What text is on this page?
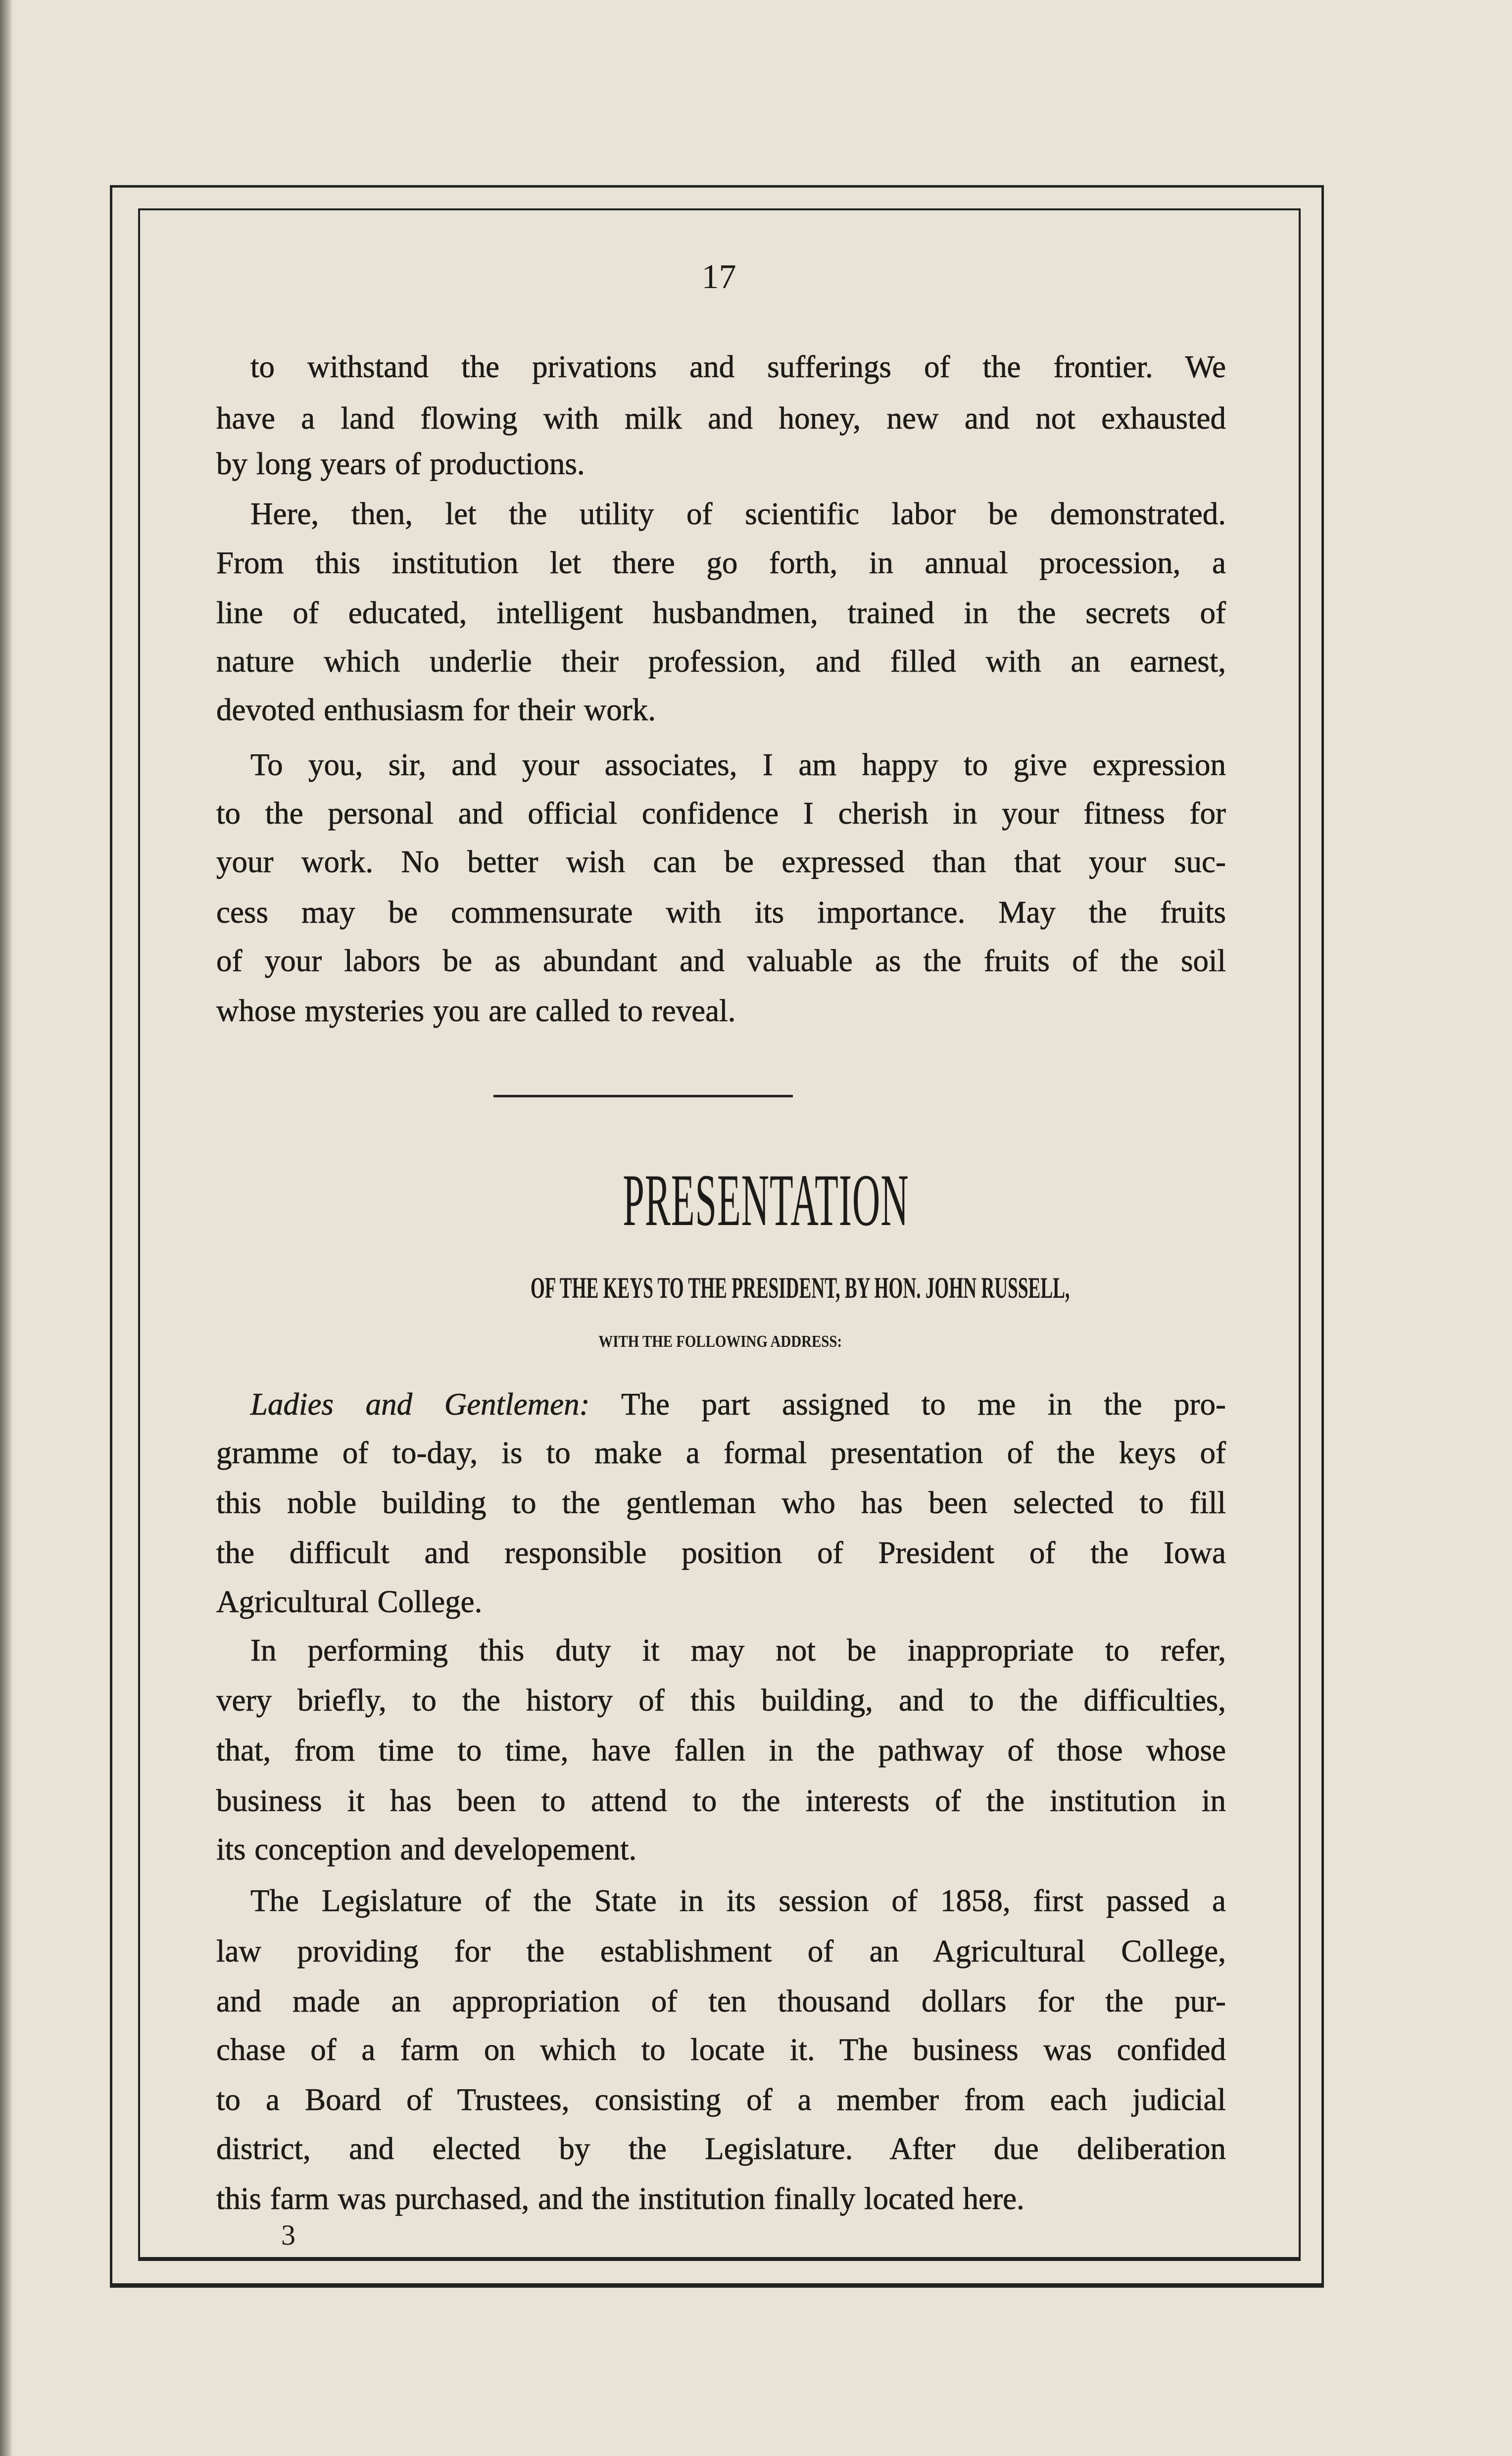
17
to withstand the privations and sufferings of the frontier. We
have a land flowing with milk and honey, new and not exhausted
by long years of productions.
Here, then, let the utility of scientific labor be demonstrated.
From this institution let there go forth, in annual procession, a
line of educated, intelligent husbandmen, trained in the secrets of
nature which underlie their profession, and filled with an earnest,
devoted enthusiasm for their work.
To you, sir, and your associates, I am happy to give expression
to the personal and official confidence I cherish in your fitness for
your work. No better wish can be expressed than that your suc-
cess may be commensurate with its importance. May the fruits
of your labors be as abundant and valuable as the fruits of the soil
whose mysteries you are called to reveal.
PRESENTATION
OF THE KEYS TO THE PRESIDENT, BY HON. JOHN RUSSELL,
WITH THE FOLLOWING ADDRESS:
Ladies and Gentlemen: The part assigned to me in the pro-
gramme of to-day, is to make a formal presentation of the keys of
this noble building to the gentleman who has been selected to fill
the difficult and responsible position of President of the Iowa
Agricultural College.
In performing this duty it may not be inappropriate to refer,
very briefly, to the history of this building, and to the difficulties,
that, from time to time, have fallen in the pathway of those whose
business it has been to attend to the interests of the institution in
its conception and developement.
The Legislature of the State in its session of 1858, first passed a
law providing for the establishment of an Agricultural College,
and made an appropriation of ten thousand dollars for the pur-
chase of a farm on which to locate it. The business was confided
to a Board of Trustees, consisting of a member from each judicial
district, and elected by the Legislature. After due deliberation
this farm was purchased, and the institution finally located here.
3
